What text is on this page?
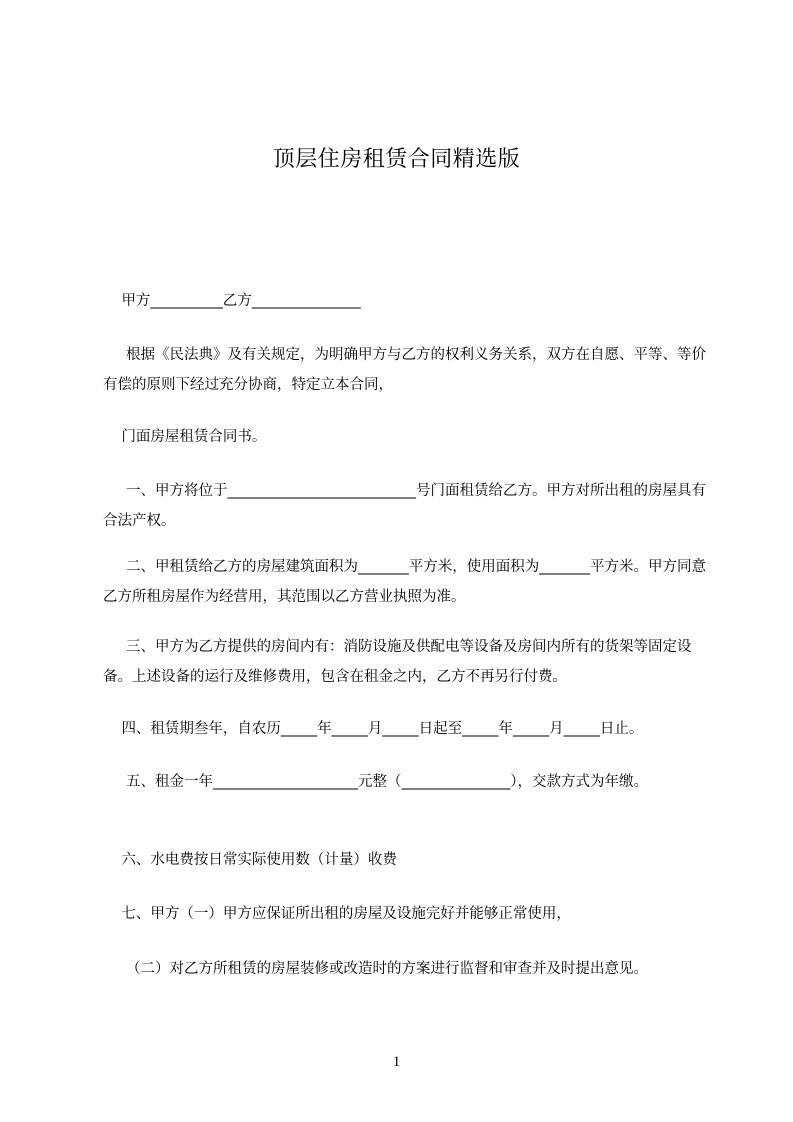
顶层住房租赁合同精选版
甲方__________乙方_______________
根据《民法典》及有关规定，为明确甲方与乙方的权利义务关系，双方在自愿、平等、等价有偿的原则下经过充分协商，特定立本合同，
门面房屋租赁合同书。
一、甲方将位于__________________________号门面租赁给乙方。甲方对所出租的房屋具有合法产权。
二、甲租赁给乙方的房屋建筑面积为_______平方米，使用面积为_______平方米。甲方同意乙方所租房屋作为经营用，其范围以乙方营业执照为准。
三、甲方为乙方提供的房间内有：消防设施及供配电等设备及房间内所有的货架等固定设备。上述设备的运行及维修费用，包含在租金之内，乙方不再另行付费。
四、租赁期叁年，自农历_____年_____月_____日起至_____年_____月_____日止。
五、租金一年____________________元整（_______________），交款方式为年缴。
六、水电费按日常实际使用数（计量）收费
七、甲方（一）甲方应保证所出租的房屋及设施完好并能够正常使用，
（二）对乙方所租赁的房屋装修或改造时的方案进行监督和审查并及时提出意见。
1
